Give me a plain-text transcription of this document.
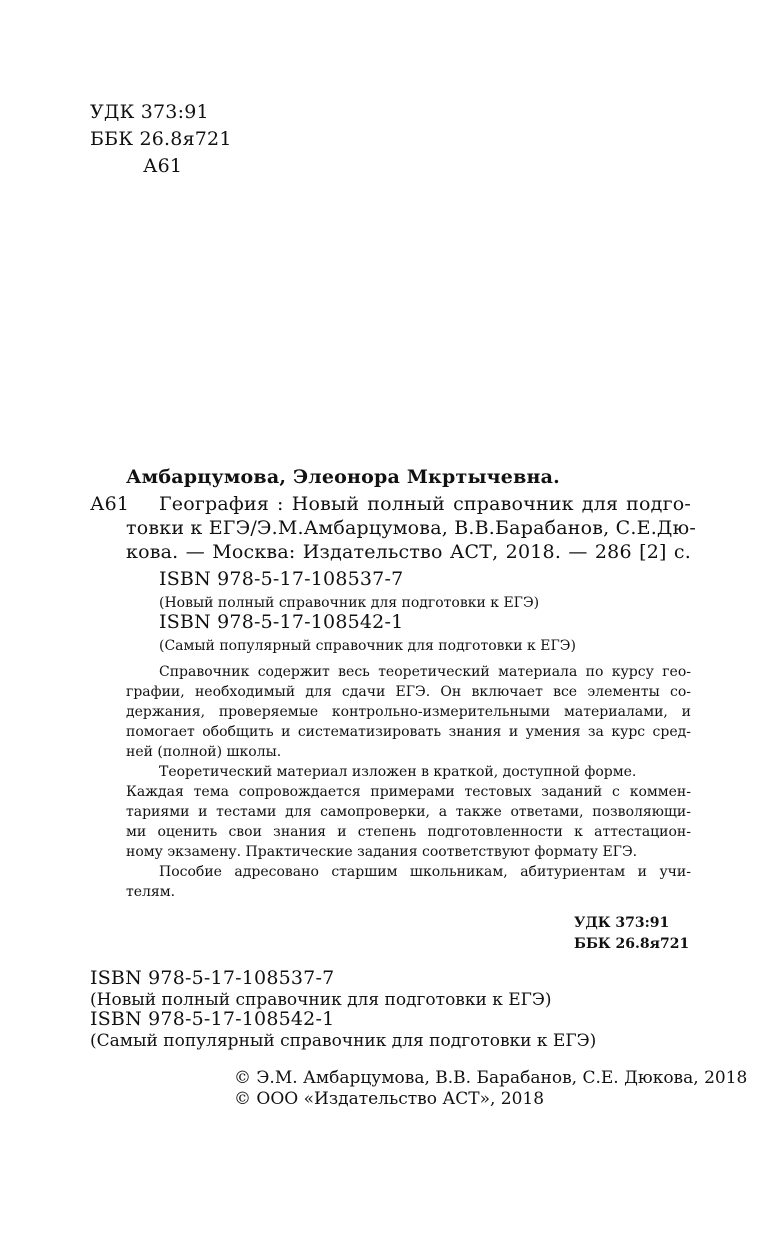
УДК 373:91
ББК 26.8я721
А61
Амбарцумова, Элеонора Мкртычевна.
А61 География : Новый полный справочник для подго-
товки к ЕГЭ/Э.М.Амбарцумова, В.В.Барабанов, С.Е.Дю-
кова. — Москва: Издательство АСТ, 2018. — 286 [2] с.
ISBN 978-5-17-108537-7
(Новый полный справочник для подготовки к ЕГЭ)
ISBN 978-5-17-108542-1
(Самый популярный справочник для подготовки к ЕГЭ)
Справочник содержит весь теоретический материала по курсу гео-
графии, необходимый для сдачи ЕГЭ. Он включает все элементы со-
держания, проверяемые контрольно-измерительными материалами, и
помогает обобщить и систематизировать знания и умения за курс сред-
ней (полной) школы.
Теоретический материал изложен в краткой, доступной форме.
Каждая тема сопровождается примерами тестовых заданий с коммен-
тариями и тестами для самопроверки, а также ответами, позволяющи-
ми оценить свои знания и степень подготовленности к аттестацион-
ному экзамену. Практические задания соответствуют формату ЕГЭ.
Пособие адресовано старшим школьникам, абитуриентам и учи-
телям.
УДК 373:91
ББК 26.8я721
ISBN 978-5-17-108537-7
(Новый полный справочник для подготовки к ЕГЭ)
ISBN 978-5-17-108542-1
(Самый популярный справочник для подготовки к ЕГЭ)
© Э.М. Амбарцумова, В.В. Барабанов, С.Е. Дюкова, 2018
© ООО «Издательство АСТ», 2018
